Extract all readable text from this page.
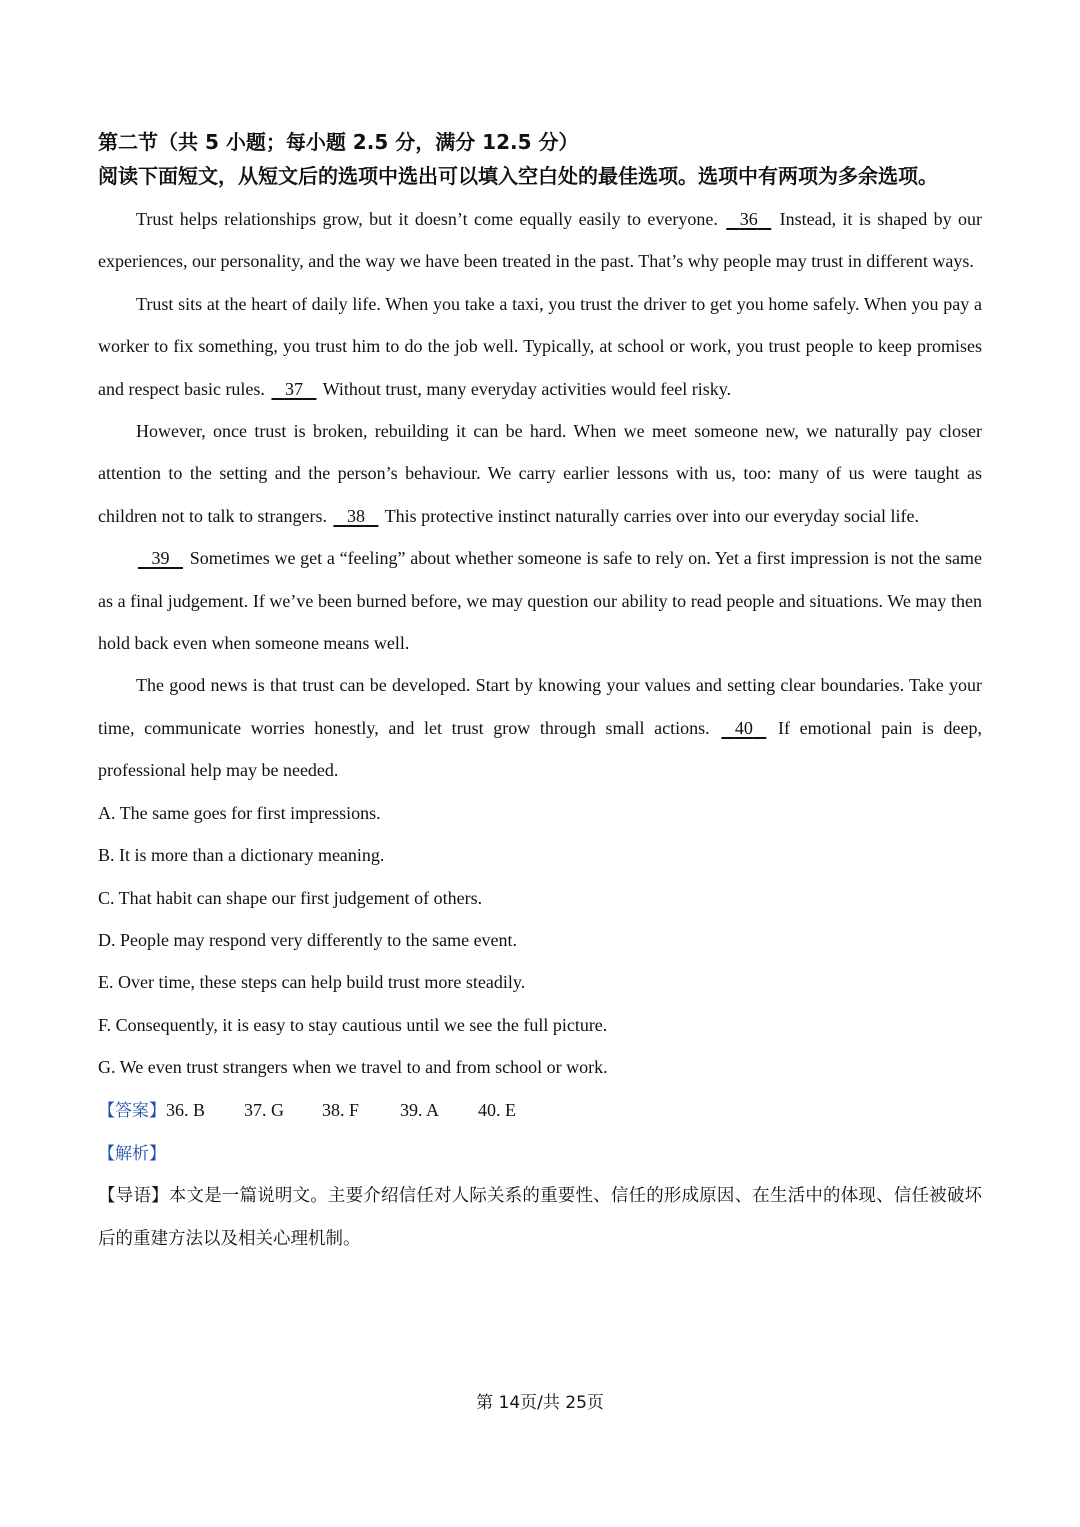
第二节（共 5 小题；每小题 2.5 分，满分 12.5 分）

阅读下面短文，从短文后的选项中选出可以填入空白处的最佳选项。选项中有两项为多余选项。

Trust helps relationships grow, but it doesn’t come equally easily to everyone.    36    Instead, it is shaped by our experiences, our personality, and the way we have been treated in the past. That’s why people may trust in different ways.

Trust sits at the heart of daily life. When you take a taxi, you trust the driver to get you home safely. When you pay a worker to fix something, you trust him to do the job well. Typically, at school or work, you trust people to keep promises and respect basic rules.    37    Without trust, many everyday activities would feel risky.

However, once trust is broken, rebuilding it can be hard. When we meet someone new, we naturally pay closer attention to the setting and the person’s behaviour. We carry earlier lessons with us, too: many of us were taught as children not to talk to strangers.    38    This protective instinct naturally carries over into our everyday social life.

39    Sometimes we get a “feeling” about whether someone is safe to rely on. Yet a first impression is not the same as a final judgement. If we’ve been burned before, we may question our ability to read people and situations. We may then hold back even when someone means well.

The good news is that trust can be developed. Start by knowing your values and setting clear boundaries. Take your time, communicate worries honestly, and let trust grow through small actions.    40    If emotional pain is deep, professional help may be needed.

A. The same goes for first impressions.

B. It is more than a dictionary meaning.

C. That habit can shape our first judgement of others.

D. People may respond very differently to the same event.

E. Over time, these steps can help build trust more steadily.

F. Consequently, it is easy to stay cautious until we see the full picture.

G. We even trust strangers when we travel to and from school or work.

【答案】36. B 37. G 38. F 39. A 40. E

【解析】

【导语】本文是一篇说明文。主要介绍信任对人际关系的重要性、信任的形成原因、在生活中的体现、信任被破坏后的重建方法以及相关心理机制。

第 14页/共 25页
